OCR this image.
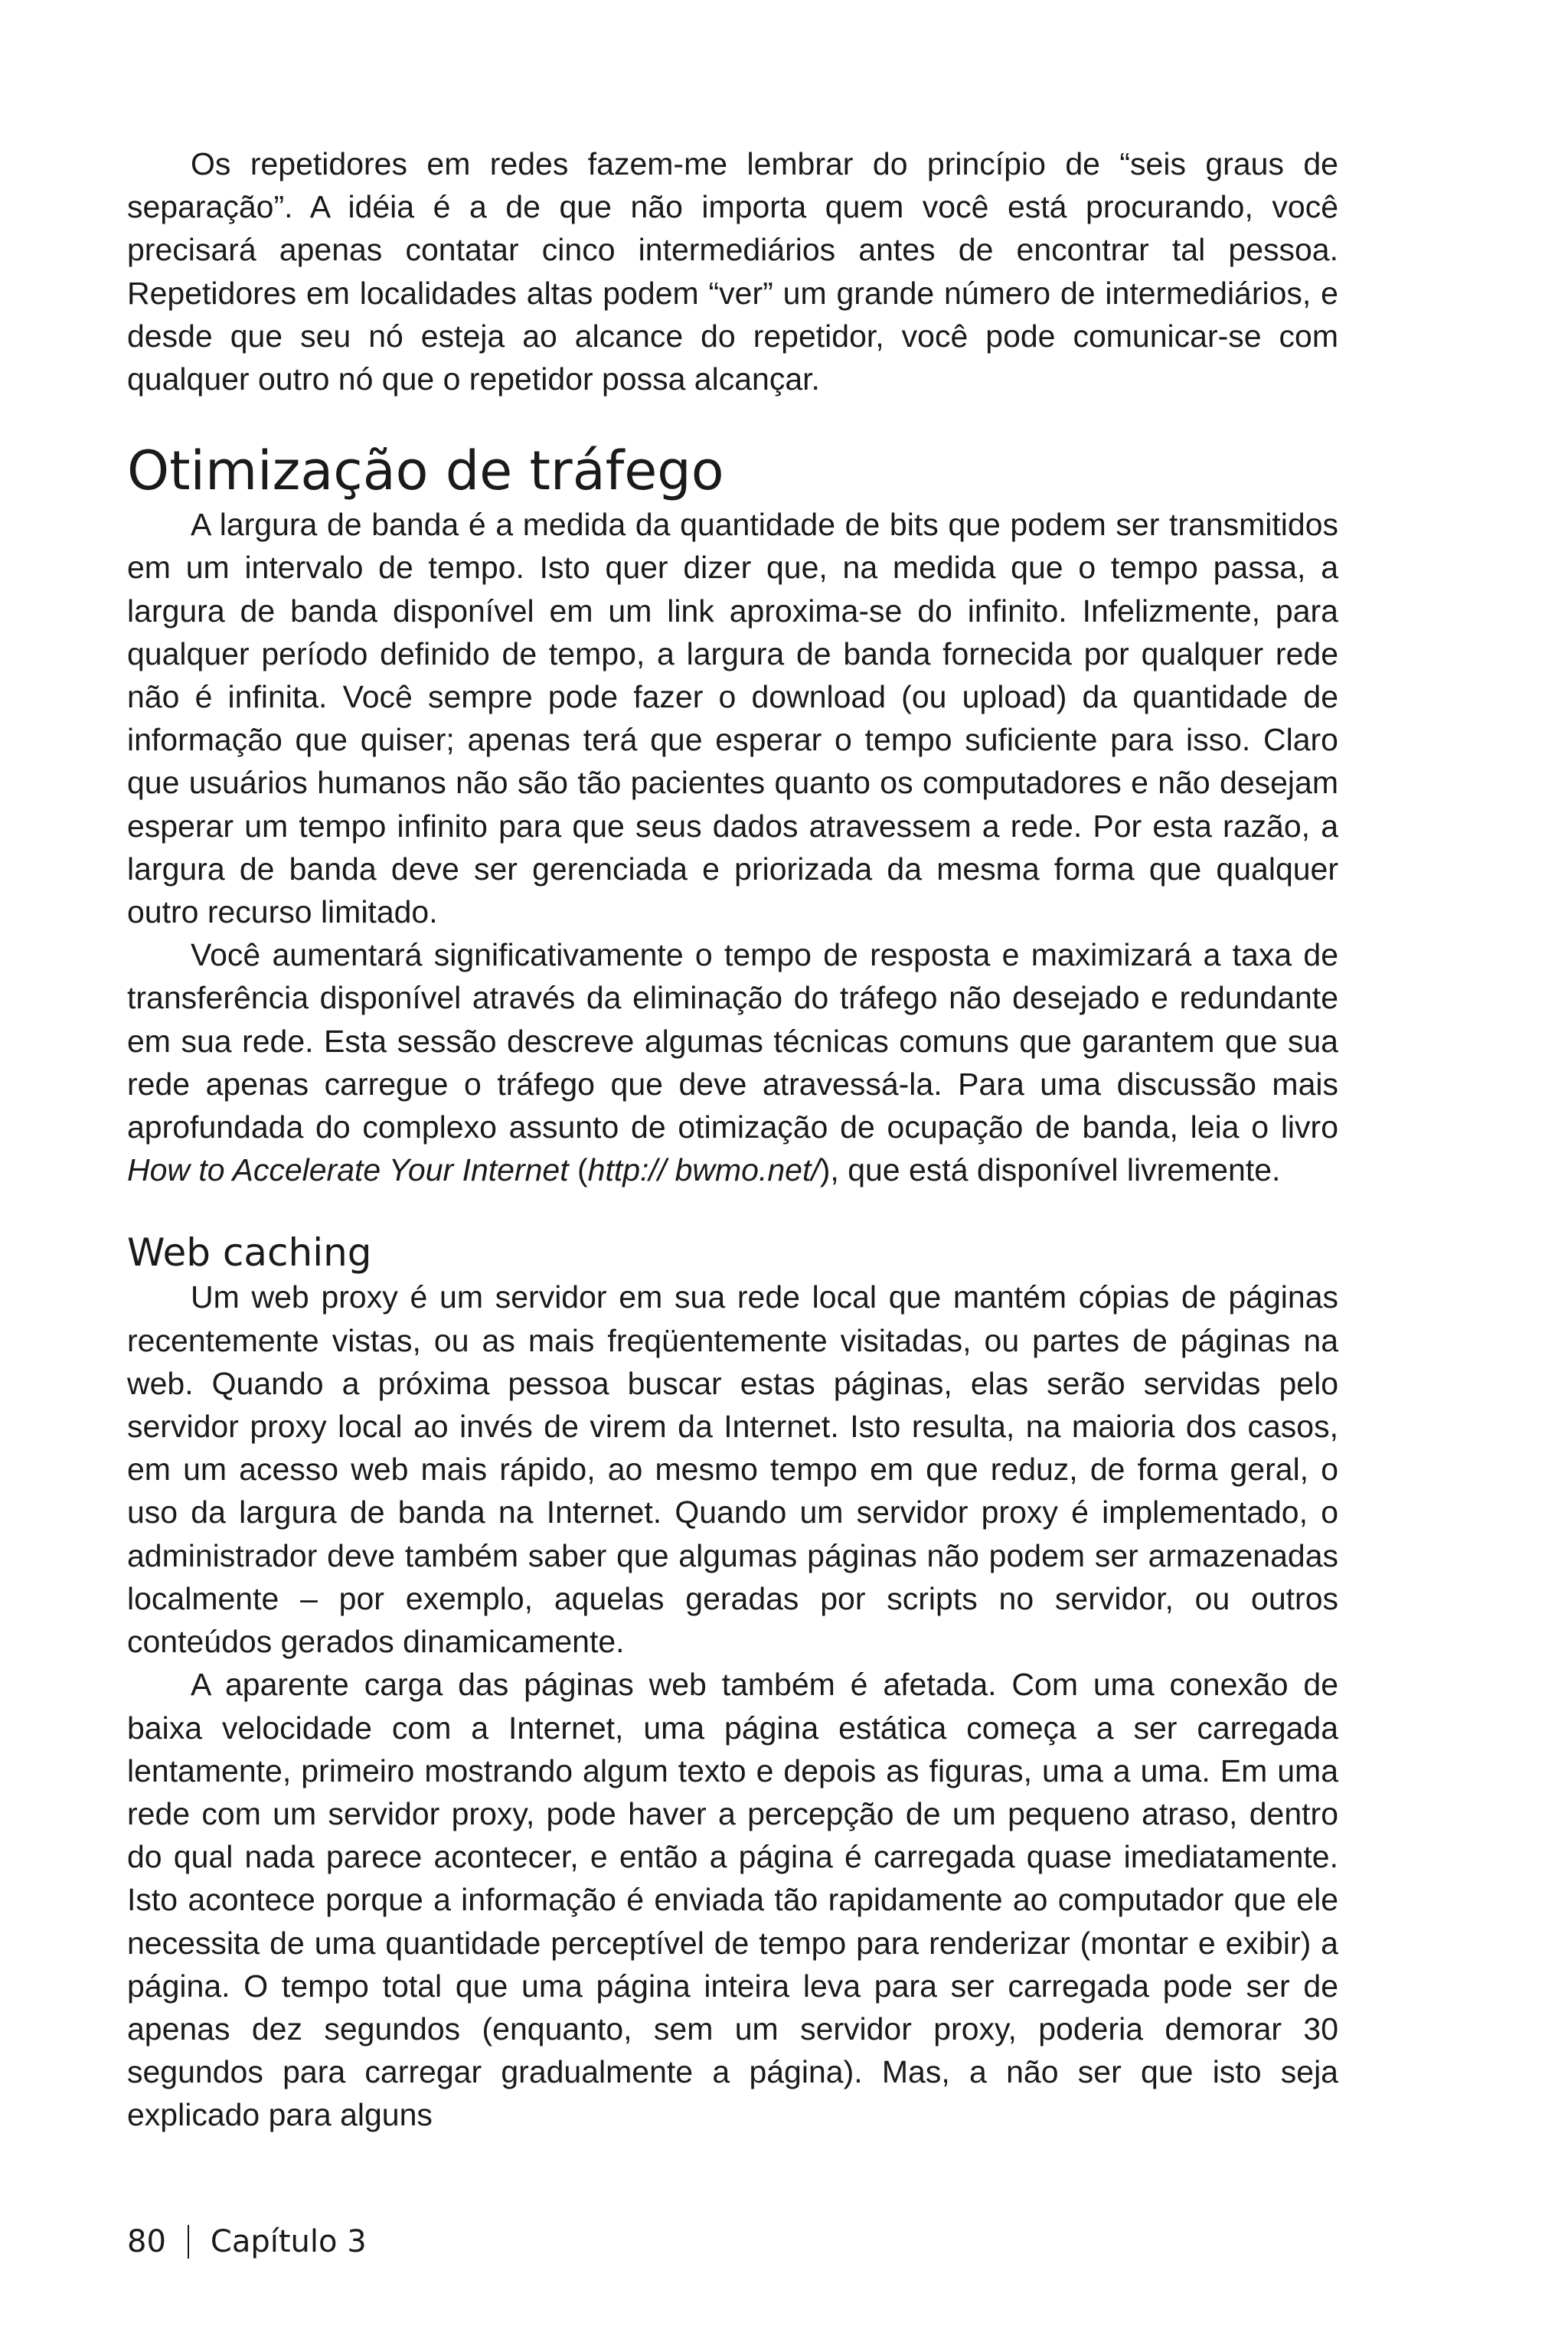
Os repetidores em redes fazem-me lembrar do princípio de “seis graus de separação”. A idéia é a de que não importa quem você está procurando, você precisará apenas contatar cinco intermediários antes de encontrar tal pessoa. Repetidores em localidades altas podem “ver” um grande número de intermediários, e desde que seu nó esteja ao alcance do repetidor, você pode comunicar-se com qualquer outro nó que o repetidor possa alcançar.

Otimização de tráfego

A largura de banda é a medida da quantidade de bits que podem ser transmitidos em um intervalo de tempo. Isto quer dizer que, na medida que o tempo passa, a largura de banda disponível em um link aproxima-se do infinito. Infelizmente, para qualquer período definido de tempo, a largura de banda fornecida por qualquer rede não é infinita. Você sempre pode fazer o download (ou upload) da quantidade de informação que quiser; apenas terá que esperar o tempo suficiente para isso. Claro que usuários humanos não são tão pacientes quanto os computadores e não desejam esperar um tempo infinito para que seus dados atravessem a rede. Por esta razão, a largura de banda deve ser gerenciada e priorizada da mesma forma que qualquer outro recurso limitado.

Você aumentará significativamente o tempo de resposta e maximizará a taxa de transferência disponível através da eliminação do tráfego não desejado e redundante em sua rede. Esta sessão descreve algumas técnicas comuns que garantem que sua rede apenas carregue o tráfego que deve atravessá-la. Para uma discussão mais aprofundada do complexo assunto de otimização de ocupação de banda, leia o livro How to Accelerate Your Internet (http:// bwmo.net/), que está disponível livremente.

Web caching

Um web proxy é um servidor em sua rede local que mantém cópias de páginas recentemente vistas, ou as mais freqüentemente visitadas, ou partes de páginas na web. Quando a próxima pessoa buscar estas páginas, elas serão servidas pelo servidor proxy local ao invés de virem da Internet. Isto resulta, na maioria dos casos, em um acesso web mais rápido, ao mesmo tempo em que reduz, de forma geral, o uso da largura de banda na Internet. Quando um servidor proxy é implementado, o administrador deve também saber que algumas páginas não podem ser armazenadas localmente – por exemplo, aquelas geradas por scripts no servidor, ou outros conteúdos gerados dinamicamente.

A aparente carga das páginas web também é afetada. Com uma conexão de baixa velocidade com a Internet, uma página estática começa a ser carregada lentamente, primeiro mostrando algum texto e depois as figuras, uma a uma. Em uma rede com um servidor proxy, pode haver a percepção de um pequeno atraso, dentro do qual nada parece acontecer, e então a página é carregada quase imediatamente. Isto acontece porque a informação é enviada tão rapidamente ao computador que ele necessita de uma quantidade perceptível de tempo para renderizar (montar e exibir) a página. O tempo total que uma página inteira leva para ser carregada pode ser de apenas dez segundos (enquanto, sem um servidor proxy, poderia demorar 30 segundos para carregar gradualmente a página). Mas, a não ser que isto seja explicado para alguns

80 Capítulo 3
